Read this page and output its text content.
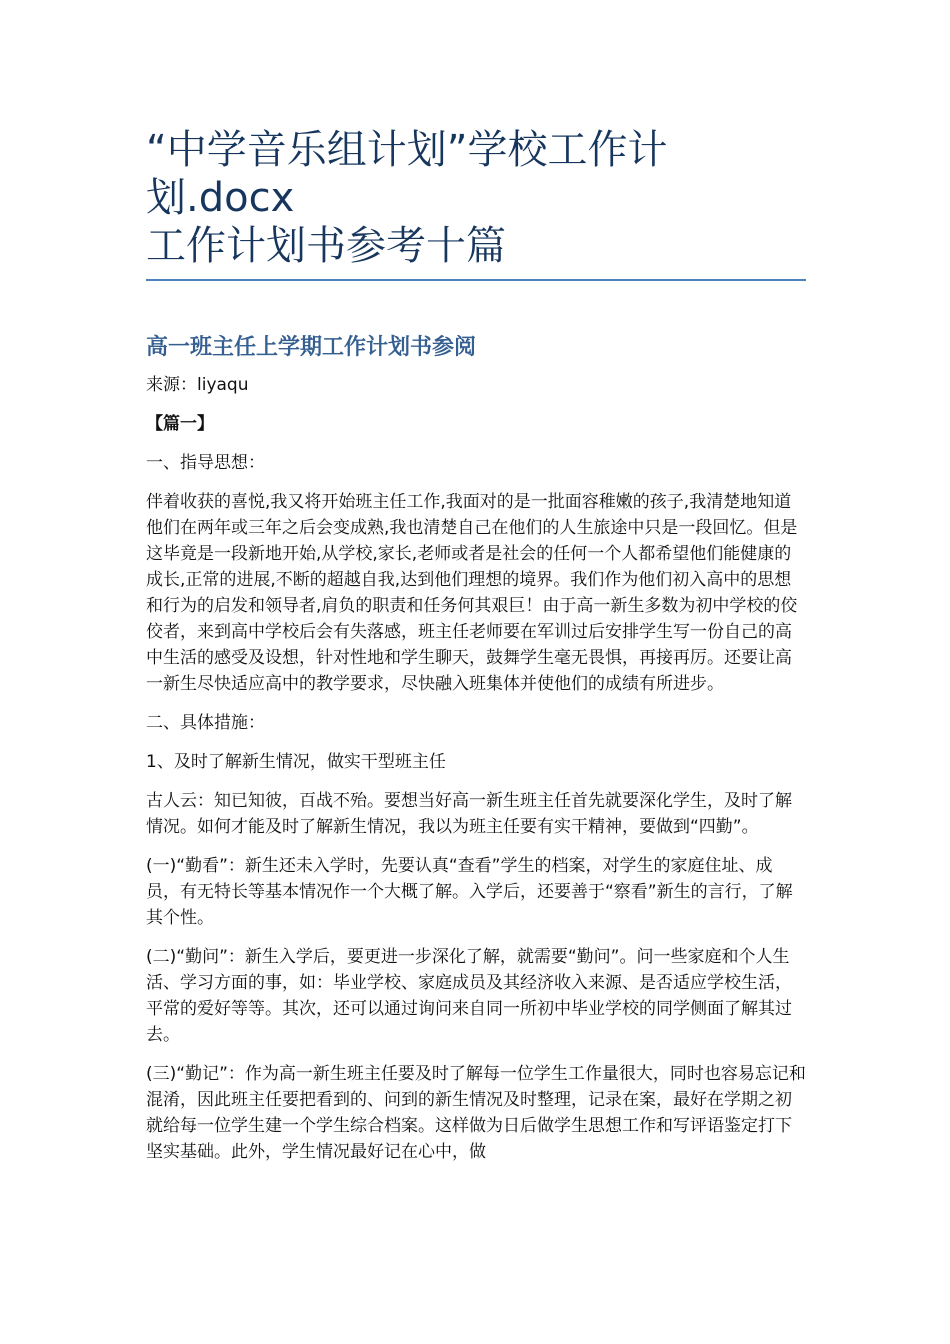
“中学音乐组计划”学校工作计
划.docx
工作计划书参考十篇
高一班主任上学期工作计划书参阅

来源：liyaqu

【篇一】

一、指导思想：

伴着收获的喜悦,我又将开始班主任工作,我面对的是一批面容稚嫩的孩子,我清楚地知道他们在两年或三年之后会变成熟,我也清楚自己在他们的人生旅途中只是一段回忆。但是这毕竟是一段新地开始,从学校,家长,老师或者是社会的任何一个人都希望他们能健康的成长,正常的进展,不断的超越自我,达到他们理想的境界。我们作为他们初入高中的思想和行为的启发和领导者,肩负的职责和任务何其艰巨！由于高一新生多数为初中学校的佼佼者，来到高中学校后会有失落感，班主任老师要在军训过后安排学生写一份自己的高中生活的感受及设想，针对性地和学生聊天，鼓舞学生毫无畏惧，再接再厉。还要让高一新生尽快适应高中的教学要求，尽快融入班集体并使他们的成绩有所进步。

二、具体措施：

1、及时了解新生情况，做实干型班主任

古人云：知已知彼，百战不殆。要想当好高一新生班主任首先就要深化学生，及时了解情况。如何才能及时了解新生情况，我以为班主任要有实干精神，要做到“四勤”。

(一)“勤看”：新生还未入学时，先要认真“查看”学生的档案，对学生的家庭住址、成员，有无特长等基本情况作一个大概了解。入学后，还要善于“察看”新生的言行，了解其个性。

(二)“勤问”：新生入学后，要更进一步深化了解，就需要“勤问”。问一些家庭和个人生活、学习方面的事，如：毕业学校、家庭成员及其经济收入来源、是否适应学校生活，平常的爱好等等。其次，还可以通过询问来自同一所初中毕业学校的同学侧面了解其过去。

(三)“勤记”：作为高一新生班主任要及时了解每一位学生工作量很大，同时也容易忘记和混淆，因此班主任要把看到的、问到的新生情况及时整理，记录在案，最好在学期之初就给每一位学生建一个学生综合档案。这样做为日后做学生思想工作和写评语鉴定打下坚实基础。此外，学生情况最好记在心中，做
